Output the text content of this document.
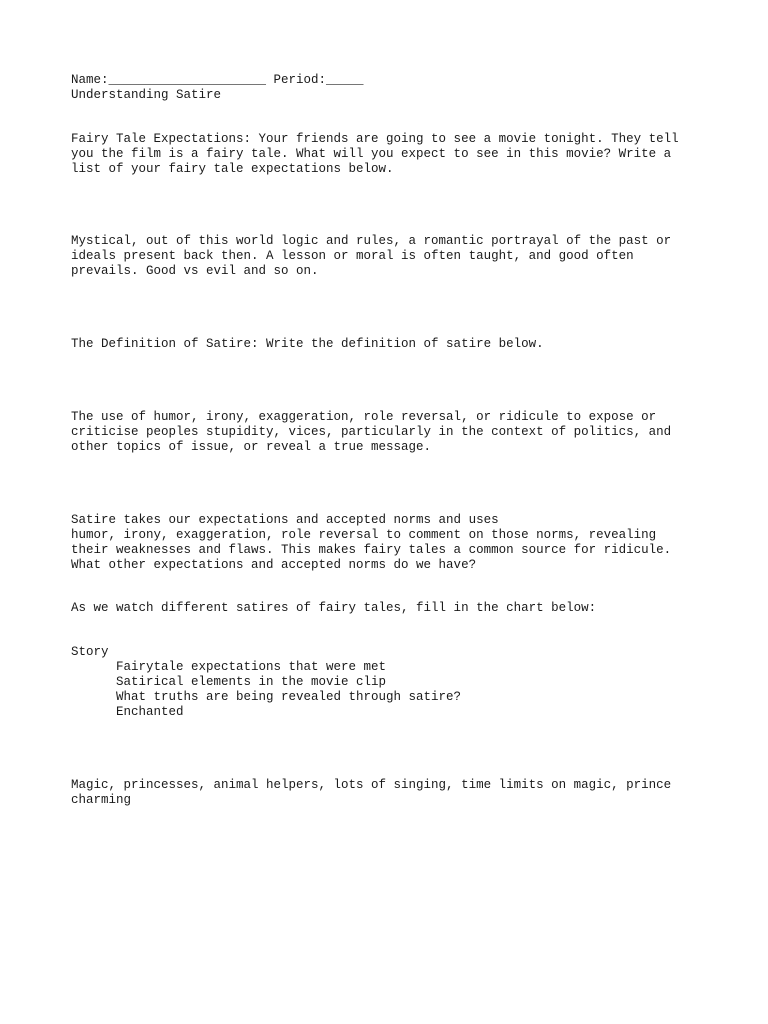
Name:_____________________ Period:_____

Understanding Satire

Fairy Tale Expectations: Your friends are going to see a movie tonight. They tell

you the film is a fairy tale. What will you expect to see in this movie? Write a

list of your fairy tale expectations below.

Mystical, out of this world logic and rules, a romantic portrayal of the past or

ideals present back then. A lesson or moral is often taught, and good often

prevails. Good vs evil and so on.

The Definition of Satire: Write the definition of satire below.

The use of humor, irony, exaggeration, role reversal, or ridicule to expose or

criticise peoples stupidity, vices, particularly in the context of politics, and

other topics of issue, or reveal a true message.

Satire takes our expectations and accepted norms and uses

humor, irony, exaggeration, role reversal to comment on those norms, revealing

their weaknesses and flaws. This makes fairy tales a common source for ridicule.

What other expectations and accepted norms do we have?

As we watch different satires of fairy tales, fill in the chart below:

Story

Fairytale expectations that were met

Satirical elements in the movie clip

What truths are being revealed through satire?

Enchanted

Magic, princesses, animal helpers, lots of singing, time limits on magic, prince

charming
